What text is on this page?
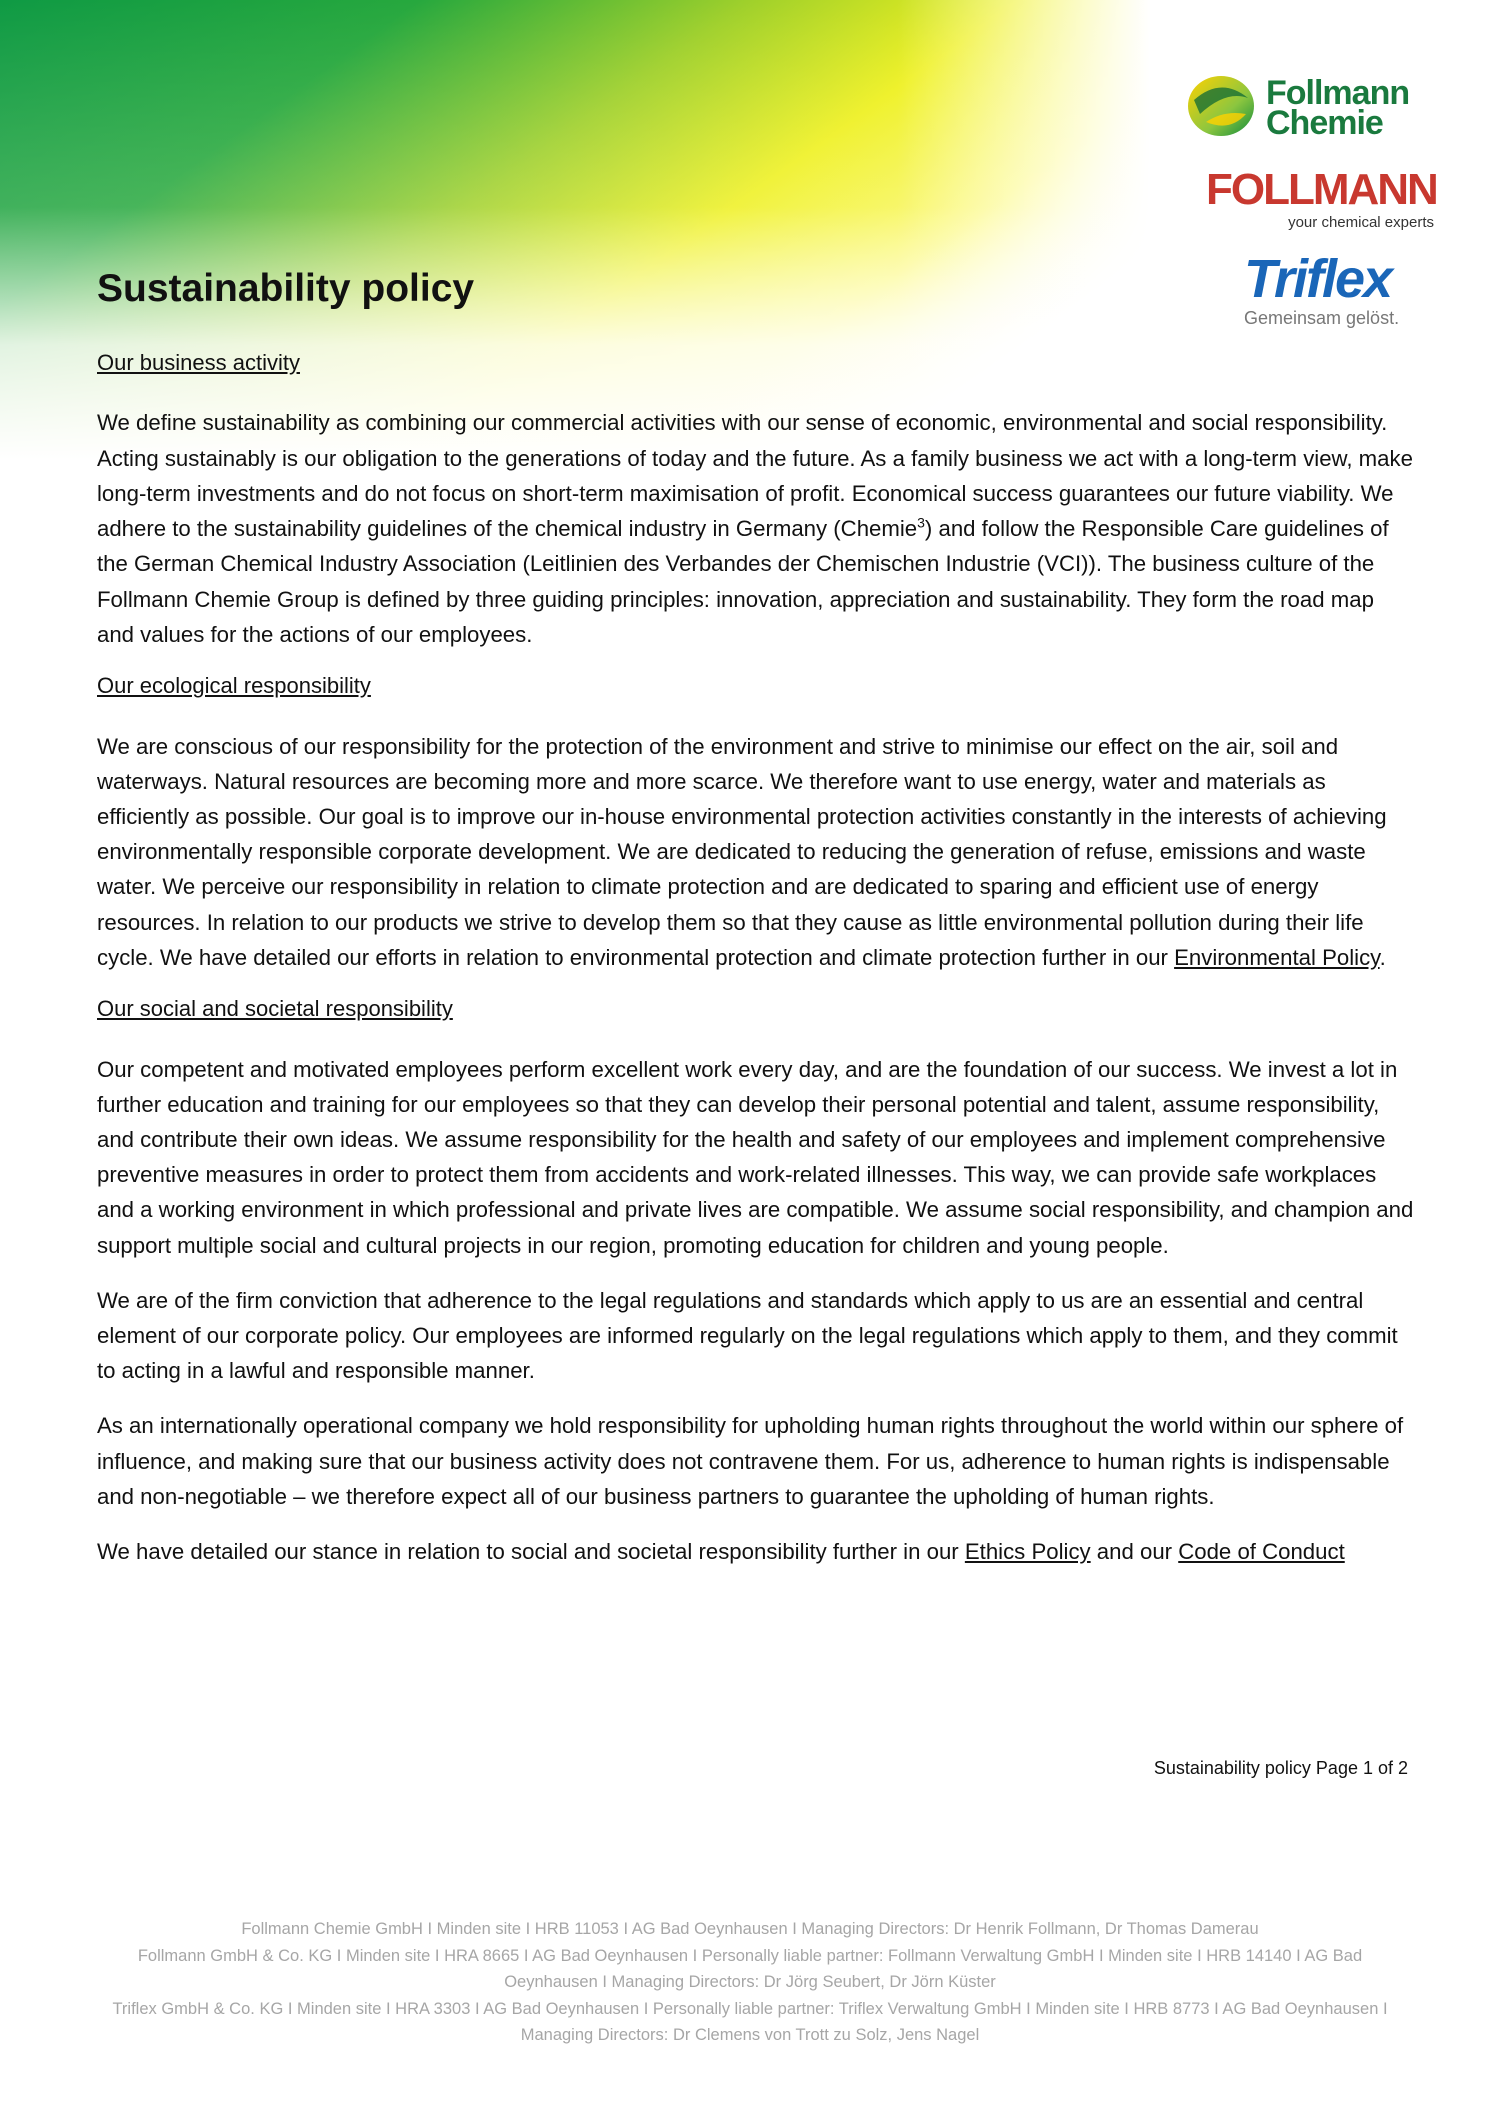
Follmann
Chemie
FOLLMANN
your chemical experts
Triflex
Gemeinsam gelöst.
Sustainability policy
Our business activity

We define sustainability as combining our commercial activities with our sense of economic, environmental and social responsibility. Acting sustainably is our obligation to the generations of today and the future. As a family business we act with a long-term view, make long-term investments and do not focus on short-term maximisation of profit. Economical success guarantees our future viability. We adhere to the sustainability guidelines of the chemical industry in Germany (Chemie$^3$) and follow the Responsible Care guidelines of the German Chemical Industry Association (Leitlinien des Verbandes der Chemischen Industrie (VCI)). The business culture of the Follmann Chemie Group is defined by three guiding principles: innovation, appreciation and sustainability. They form the road map and values for the actions of our employees.

Our ecological responsibility

We are conscious of our responsibility for the protection of the environment and strive to minimise our effect on the air, soil and waterways. Natural resources are becoming more and more scarce. We therefore want to use energy, water and materials as efficiently as possible. Our goal is to improve our in-house environmental protection activities constantly in the interests of achieving environmentally responsible corporate development. We are dedicated to reducing the generation of refuse, emissions and waste water. We perceive our responsibility in relation to climate protection and are dedicated to sparing and efficient use of energy resources. In relation to our products we strive to develop them so that they cause as little environmental pollution during their life cycle. We have detailed our efforts in relation to environmental protection and climate protection further in our Environmental Policy.

Our social and societal responsibility

Our competent and motivated employees perform excellent work every day, and are the foundation of our success. We invest a lot in further education and training for our employees so that they can develop their personal potential and talent, assume responsibility, and contribute their own ideas. We assume responsibility for the health and safety of our employees and implement comprehensive preventive measures in order to protect them from accidents and work-related illnesses. This way, we can provide safe workplaces and a working environment in which professional and private lives are compatible. We assume social responsibility, and champion and support multiple social and cultural projects in our region, promoting education for children and young people.

We are of the firm conviction that adherence to the legal regulations and standards which apply to us are an essential and central element of our corporate policy. Our employees are informed regularly on the legal regulations which apply to them, and they commit to acting in a lawful and responsible manner.

As an internationally operational company we hold responsibility for upholding human rights throughout the world within our sphere of influence, and making sure that our business activity does not contravene them. For us, adherence to human rights is indispensable and non-negotiable – we therefore expect all of our business partners to guarantee the upholding of human rights.

We have detailed our stance in relation to social and societal responsibility further in our Ethics Policy and our Code of Conduct

Sustainability policy Page 1 of 2
Follmann Chemie GmbH I Minden site I HRB 11053 I AG Bad Oeynhausen I Managing Directors: Dr Henrik Follmann, Dr Thomas Damerau
Follmann GmbH & Co. KG I Minden site I HRA 8665 I AG Bad Oeynhausen I Personally liable partner: Follmann Verwaltung GmbH I Minden site I HRB 14140 I AG Bad
Oeynhausen I Managing Directors: Dr Jörg Seubert, Dr Jörn Küster
Triflex GmbH & Co. KG I Minden site I HRA 3303 I AG Bad Oeynhausen I Personally liable partner: Triflex Verwaltung GmbH I Minden site I HRB 8773 I AG Bad Oeynhausen I
Managing Directors: Dr Clemens von Trott zu Solz, Jens Nagel
